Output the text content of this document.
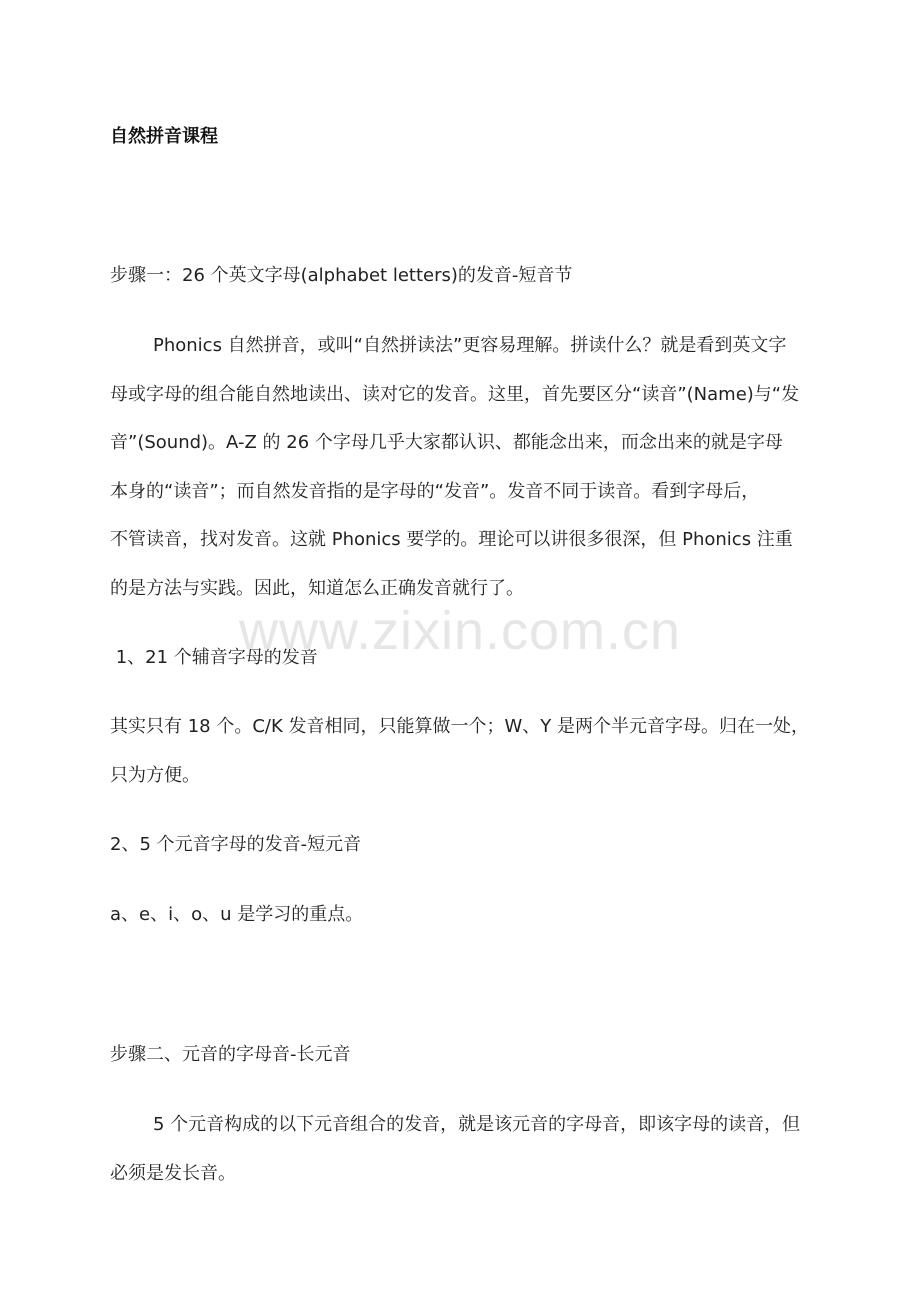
自然拼音课程

步骤一：26 个英文字母(alphabet letters)的发音-短音节

Phonics 自然拼音，或叫“自然拼读法”更容易理解。拼读什么？就是看到英文字
母或字母的组合能自然地读出、读对它的发音。这里，首先要区分“读音”(Name)与“发
音”(Sound)。A-Z 的 26 个字母几乎大家都认识、都能念出来，而念出来的就是字母
本身的“读音”；而自然发音指的是字母的“发音”。发音不同于读音。看到字母后，
不管读音，找对发音。这就 Phonics 要学的。理论可以讲很多很深，但 Phonics 注重
的是方法与实践。因此，知道怎么正确发音就行了。

1、21 个辅音字母的发音

其实只有 18 个。C/K 发音相同，只能算做一个；W、Y 是两个半元音字母。归在一处，
只为方便。

2、5 个元音字母的发音-短元音

a、e、i、o、u 是学习的重点。

步骤二、元音的字母音-长元音

5 个元音构成的以下元音组合的发音，就是该元音的字母音，即该字母的读音，但
必须是发长音。
www.zixin.com.cn
